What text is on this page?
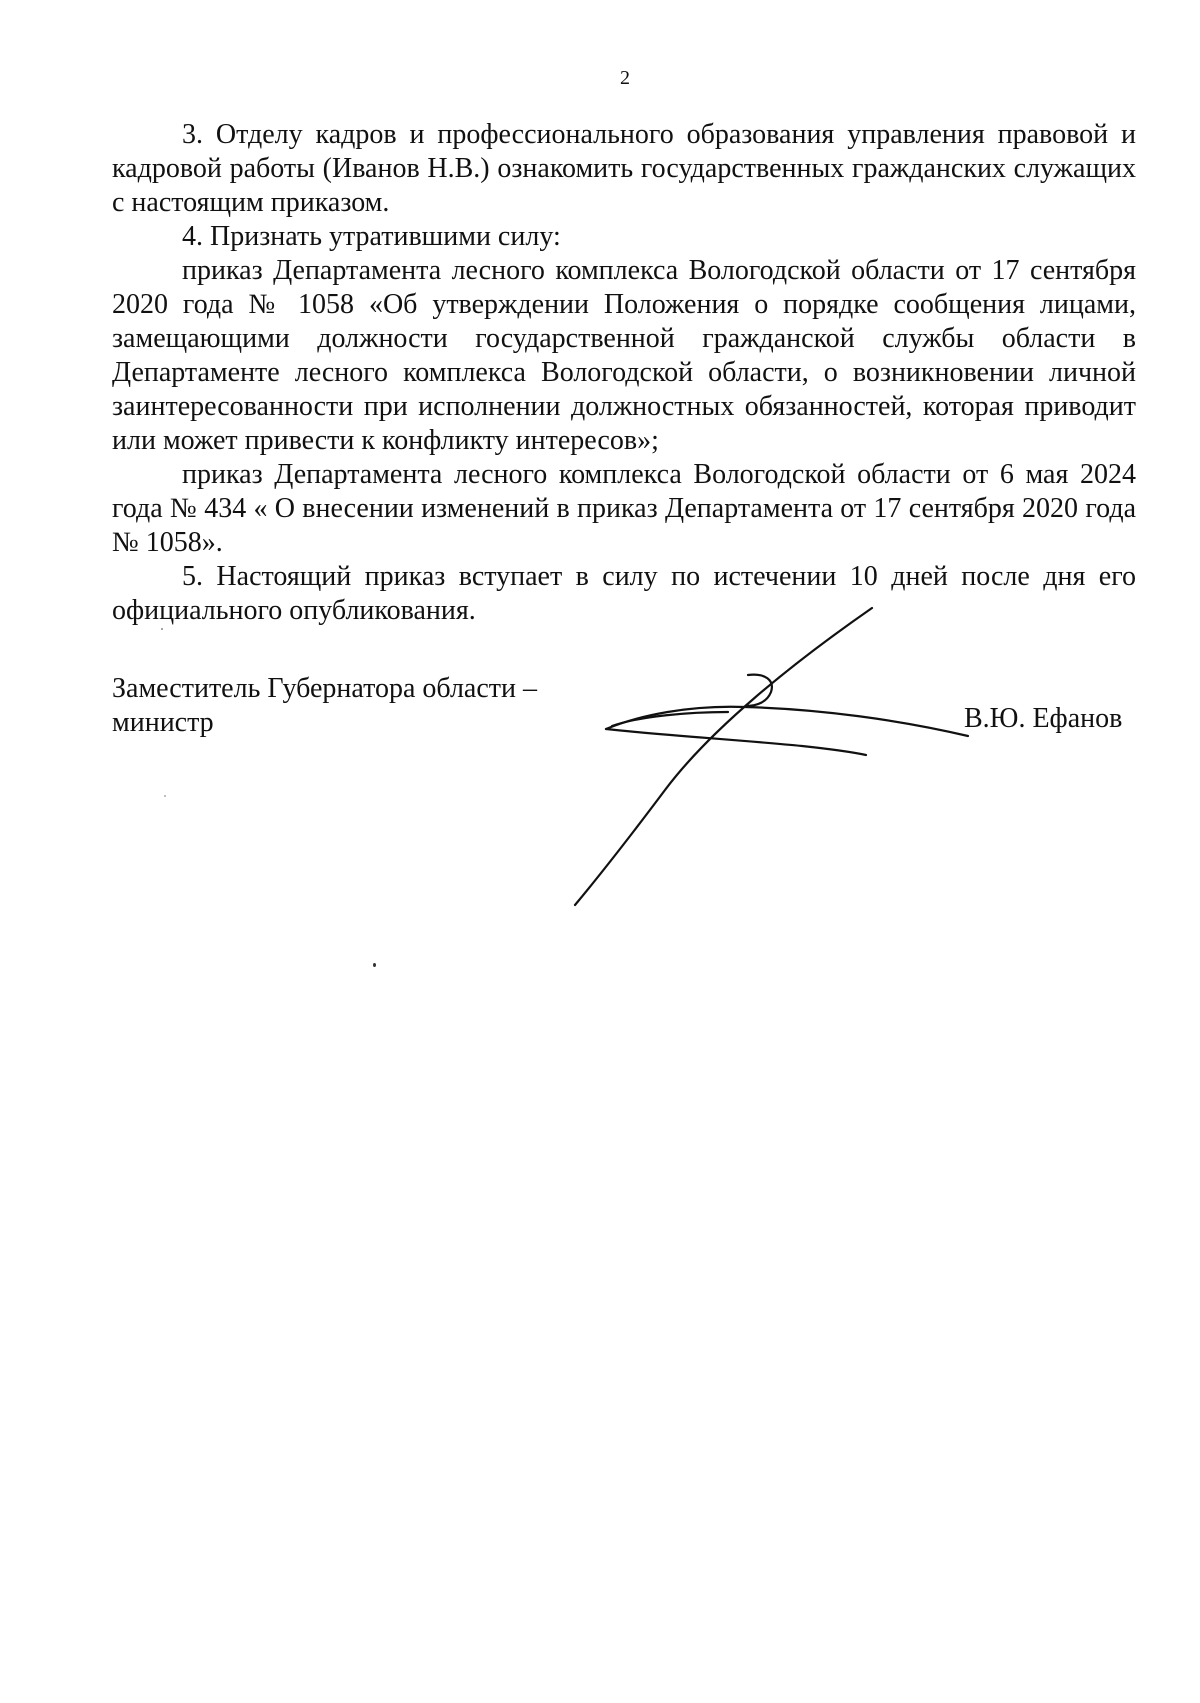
2

3. Отделу кадров и профессионального образования управления правовой и кадровой работы (Иванов Н.В.) ознакомить государственных гражданских служащих с настоящим приказом.

4. Признать утратившими силу:

приказ Департамента лесного комплекса Вологодской области от 17 сентября 2020 года № 1058 «Об утверждении Положения о порядке сообщения лицами, замещающими должности государственной гражданской службы области в Департаменте лесного комплекса Вологодской области, о возникновении личной заинтересованности при исполнении должностных обязанностей, которая приводит или может привести к конфликту интересов»;

приказ Департамента лесного комплекса Вологодской области от 6 мая 2024 года № 434 « О внесении изменений в приказ Департамента от 17 сентября 2020 года № 1058».

5. Настоящий приказ вступает в силу по истечении 10 дней после дня его официального опубликования.

Заместитель Губернатора области –
министр	В.Ю. Ефанов
